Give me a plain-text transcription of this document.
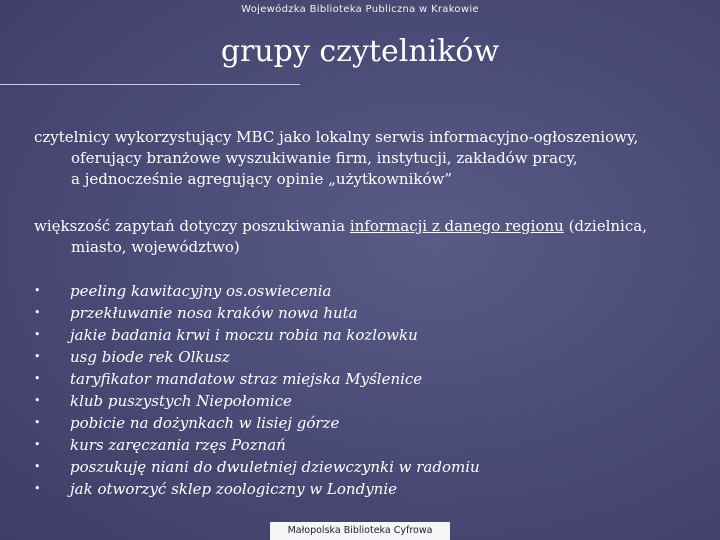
Wojewódzka Biblioteka Publiczna w Krakowie
grupy czytelników
czytelnicy wykorzystujący MBC jako lokalny serwis informacyjno-ogłoszeniowy,
oferujący branżowe wyszukiwanie firm, instytucji, zakładów pracy,
a jednocześnie agregujący opinie „użytkowników”
większość zapytań dotyczy poszukiwania informacji z danego regionu (dzielnica,
miasto, województwo)
• peeling kawitacyjny os.oswiecenia
• przekłuwanie nosa kraków nowa huta
• jakie badania krwi i moczu robia na kozlowku
• usg biode rek Olkusz
• taryfikator mandatow straz miejska Myślenice
• klub puszystych Niepołomice
• pobicie na dożynkach w lisiej górze
• kurs zaręczania rzęs Poznań
• poszukuję niani do dwuletniej dziewczynki w radomiu
• jak otworzyć sklep zoologiczny w Londynie
Małopolska Biblioteka Cyfrowa
